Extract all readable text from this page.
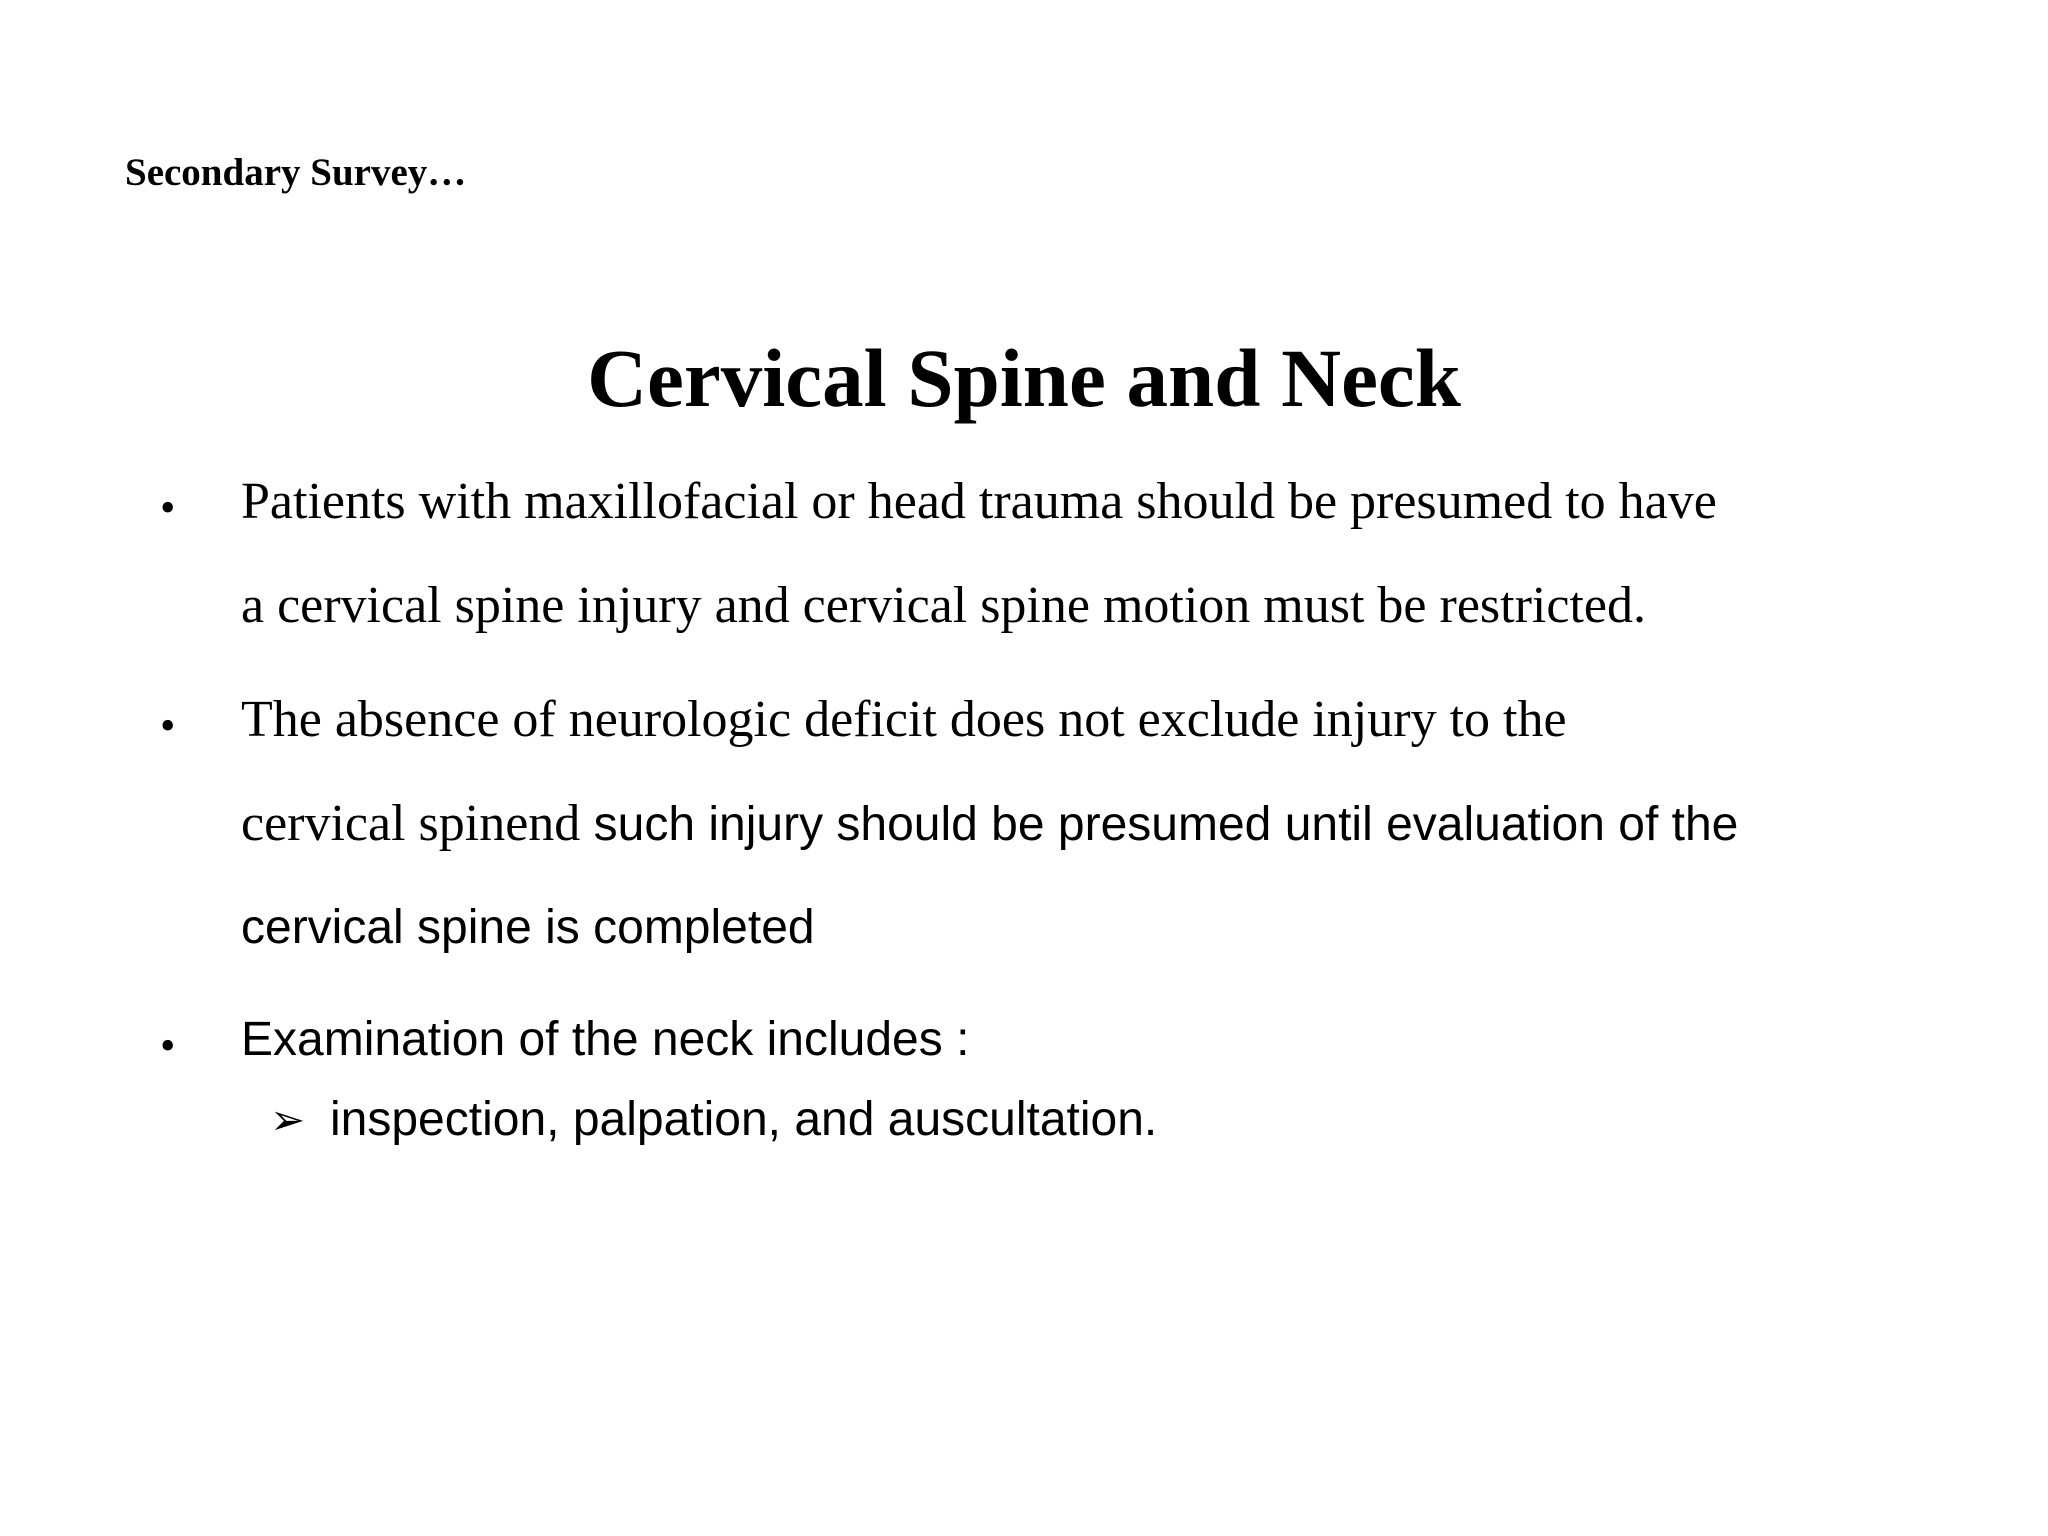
Secondary Survey…
Cervical Spine and Neck
• Patients with maxillofacial or head trauma should be presumed to have
a cervical spine injury and cervical spine motion must be restricted.
• The absence of neurologic deficit does not exclude injury to the
cervical spinend such injury should be presumed until evaluation of the
cervical spine is completed
• Examination of the neck includes :
➢ inspection, palpation, and auscultation.
